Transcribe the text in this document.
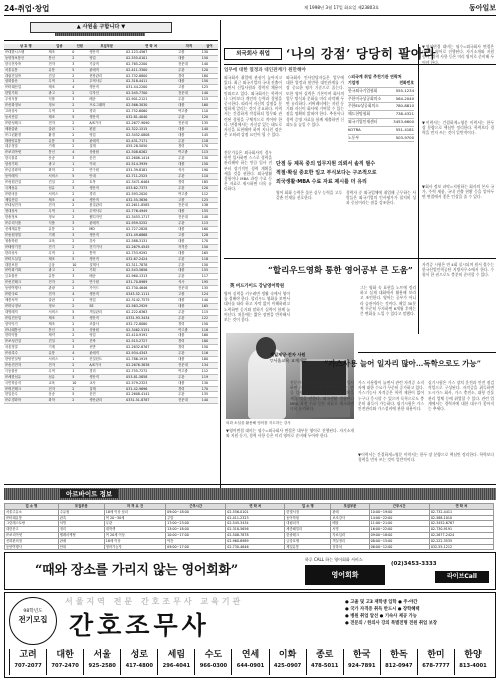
24-취업·창업	제 1998년 3월 17일 화요일 제23803호	동아일보
▲ 사원을 구합니다 ▼
상 호 명	업종	인원	모집부문	연 락 처	자격	급여
㈜대한시스템	제조	0	생산직	02-123-4567	고졸	130
동양정보통신	통신	2	영업	02-555-0101	대졸	150
한국전자㈜	전자	3	기술직	02-765-2200	전문대	140
서울유통	유통	5	판매직	02-411-3300	무관	120
대림건설㈜	건설	2	현장관리	02-732-8800	경력	180
삼화물산	무역	1	무역사무	02-318-4411	대졸	150
㈜미래산업	제조	4	생산직	031-44-2200	고졸	125
한빛기획	광고	2	디자인	02-545-7700	전문대	140
우성식품	식품	3	배송	02-901-2121	무관	115
㈜신화정보	정보	2	프로그래머	02-566-3030	대졸	160
고려상사	무역	1	경리	02-752-6060	여고졸	110
동서산업	제조	5	생산직	032-81-4040	무관	120
㈜한성테크	전자	2	A/S기사	02-2677-9090	전문대	135
세광출판	출판	1	편집	02-322-1515	대졸	140
㈜그린환경	환경	2	영업	02-3452-0808	대졸	145
태평양유통	유통	3	판매직	02-431-7171	무관	118
대우정밀	기계	2	설계	055-28-5050	경력	170
㈜코리아넷	통신	4	상담원	02-508-6262	여고졸	115
한국물류	운송	3	운전	02-2608-1414	무관	130
삼성기획	광고	1	카피	02-514-3939	대졸	150
㈜금강화학	화학	2	연구원	031-39-8181	석사	190
동아레저	서비스	5	안내	02-711-2525	무관	110
㈜성원건설	건설	2	토목	02-3471-6464	경력	185
국제섬유	섬유	3	생산직	053-62-7373	무관	120
㈜한마음	서비스	2	경리	02-593-2020	여고졸	112
제일산업	제조	4	생산직	032-55-3636	고졸	125
㈜대성전자	전자	2	품질관리	02-2611-8585	전문대	138
현대상사	무역	1	무역사무	02-776-4949	대졸	155
한솔정보	정보	2	웹디자인	02-3453-1717	전문대	140
㈜우리식품	식품	3	판매직	02-959-5252	무관	115
신세계유통	유통	2	MD	02-727-2828	대졸	160
㈜동원정밀	기계	3	생산직	031-49-6868	고졸	128
청솔학원	교육	2	강사	02-588-3131	대졸	170
㈜태양기전	전기	2	전기기사	02-2679-4545	자격증	150
한라상사	무역	1	통역	02-753-9292	대졸	165
㈜미도실업	제조	5	생산직	032-67-2424	무관	118
대한보험	금융	10	설계사	02-311-7878	무관	150
㈜이화기획	광고	1	기획	02-543-5656	대졸	155
금호물산	유통	3	배송	02-960-1313	무관	117
㈜선진테크	전자	2	연구원	031-70-8989	석사	195
동양여행사	관광	2	가이드	02-730-4646	전문대	135
㈜한국IC	전자	4	생산직	0343-52-1111	고졸	124
세종서적	출판	1	영업	02-3142-7575	대졸	140
㈜하나정보	정보	2	SE	02-563-2929	대졸	165
대명레저	서비스	5	객실관리	02-222-6363	무관	115
㈜일진산업	제조	3	생산직	0331-93-3434	무관	122
삼익악기	제조	2	조율사	032-72-8080	경력	150
㈜나래통신	통신	3	상담원	02-3462-5151	여고졸	118
한미약품	제약	2	영업	02-410-9191	대졸	160
㈜보성건설	건설	2	건축	02-515-2727	경력	180
서울정밀	기계	3	선반	02-2632-6767	경력	150
㈜상록수	유통	4	판매직	02-934-4343	무관	116
한양컨설팅	서비스	1	컨설턴트	02-786-1919	대졸	180
㈜동진전자	전자	2	A/S기사	02-2676-3838	전문대	134
극동물산	무역	1	경리	02-755-7272	여고졸	112
㈜새한섬유	섬유	5	생산직	053-81-5858	무관	119
국민학습지	교육	10	교사	02-579-2323	대졸	130
㈜영진테크	전자	2	설계	031-42-9696	경력	170
한일운수	운송	5	운전	02-2608-4141	무관	135
㈜수경화학	화학	2	생산관리	0331-51-8787	전문대	140
외국회사 취업	‘나의 강점’ 당당히 팔아라
업무에 대한 열정과 대인관계가 원만해야
외국회사 취업에 관심이 높아지고 있다. 최근 외국기업의 국내 진출이 늘면서 신입사원과 경력직 채용이 잇따르고 있다. 외국회사는 학력이나 나이보다 개인의 능력과 경험을 중시한다. 따라서 자신의 강점을 분명하게 알리는 것이 중요하다. 이력서는 간결하게 작성하되 업무와 관련된 경험을 구체적으로 적어야 한다. 면접에서는 자신감 있는 태도로 자신을 표현해야 하며 지나친 겸손은 오히려 감점 요인이 될 수 있다.
외국회사 인사담당자들은 업무에 대한 열정과 원만한 대인관계를 가장 중요한 평가 기준으로 꼽는다. 또한 영어 실력은 기본이며 회사의 업무 방식과 문화를 미리 파악해 두면 유리하다. 커버레터에는 지원 동기와 자신이 회사에 기여할 수 있는 점을 명확히 밝혀야 한다. 추천서나 경력 증명 자료를 함께 제출하면 신뢰도를 높일 수 있다.
◇외국계 취업 추천기관 연락처
기업명	전화번호
한국외국기업협회	555-1234
주한미국상공회의소	564-2040
주한EU상공회의소	780-8810
헤드헌팅협회	738-4321
외국기업인재센터	3453-6600
KOTRA	551-4181
노동부	503-9700
단점 등 제목 중의 업무지원 의뢰서 솔직 필수
적절·확실 중요한 일고 부식보다는 구조적으로
외국생활·MBA 수료 자료 제시를 더 유리
전문가들은 외국회사의 경우 한번 입사하면 스스로 경력을 관리해야 하는 만큼 입사 전부터 장기적인 경력 계획을 세울 것을 권한다. 외국생활 경험이나 MBA 과정 수료 등은 자료로 제시하면 더욱 유리하다.
영어 회화 능력은 물론 실무 능력을 고루 갖춘 인재를 선호한다.
경력자 중 외국업체에 취업해 근무하는 사람들은 외국기업의 인사평가가 철저히 성과 중심이라는 점을 강조한다.
▼영어면접 대비는 필수=외국회사 면접은 대부분 영어로 진행된다. 자기소개와 지원 동기, 경력 사항 등은 미리 영어로 준비해 두어야 한다.
▼이력서는 간결하게=영문 이력서는 한두 장 분량으로 핵심만 정리한다. 학력보다 경력을 먼저 쓰는 것이 일반적이다.
▼회사 정보 파악=지원하는 회사의 본사 국가, 주력 제품, 국내 진출 현황 등을 알아두면 면접에서 좋은 인상을 줄 수 있다.
“할리우드영화 통한 영어공부 큰 도움”
英 버드가이드 강남영어학원
영어 실력을 키우려면 생활 속에서 영어를 접해야 한다. 할리우드 영화를 보면서 대사를 따라 하고 자막 없이 이해하려고 노력하면 듣기와 말하기 실력이 함께 늘어난다. 처음에는 짧은 장면을 반복해서 보는 것이 좋다.
그는 영화 속 표현을 노트에 정리하고 실제 대화에서 활용해 보라고 조언한다. 영어는 공부가 아니라 습관이라는 것이다. 매일 30분씩 꾸준히 투자하면 6개월 후에는 큰 변화를 느낄 수 있다고 말했다.
자격증 시험은 연 4회 실시되며 원서 접수는 한국산업인력공단 지방사무소에서 한다. 수험서 한 권으로도 충분히 준비할 수 있다.
외화 소설을 활용해 영어를 지도하는 강사
제일제당·전자 사원
▽서울교육 교재개발	“가스사용 늘어 일자리 많아…독학으로도 가능”
가스 사용량이 늘면서 관련 자격증 소지자에 대한 수요가 꾸준히 증가하고 있다. 가스기능사 자격증은 학력 제한이 없어 누구나 응시할 수 있으며 독학으로도 충분히 취득이 가능하다. 필기시험은 가스 안전관리와 가스설비에 관한 내용이다.
실기시험은 가스 장치 운전과 안전 점검 작업으로 구성된다. 자격증을 취득하면 도시가스 회사, 가스 충전소, 대형 건물 관리 업체 등에 취업할 수 있다. 관련 업계에서는 경력자에 대한 대우가 좋아지는 추세다.
전문가들은 외국회사의 경우 한번 입사하면 스스로 경력을 관리해야 하는 만큼 입사 전부터 장기적인 경력 계획을 세울 것을 권한다. 외국생활 경험이나 MBA 과정 수료 등은 자료로 제시하면 더욱 유리하다.
▼영어면접 대비는 필수=외국회사 면접은 대부분 영어로 진행된다. 자기소개와 지원 동기, 경력 사항 등은 미리 영어로 준비해 두어야 한다.
▼이력서는 간결하게=영문 이력서는 한두 장 분량으로 핵심만 정리한다. 학력보다 경력을 먼저 쓰는 것이 일반적이다.
아르바이트 정보
업 소 명	모집부문	자 격 요 건	근무시간	연 락 처	업 소 명	모집부문	근무시간	연 락 처
서울주유소	주유원	18세 이상 남녀	09:00~18:00	02-556-0101	한빛서점	판매	10:00~19:00	02-732-4411
㈜미래유통	판촉	여 20~30세	주말	02-411-2323	동아학원	보조강사	14:00~22:00	02-588-1010
그린레스토랑	서빙	무관	17:00~23:00	02-545-3434	대림피자	배달	11:00~21:00	02-3452-6767
대한문고	정리	대학생	13:00~18:00	02-318-5656	세종패밀리	서빙	16:00~22:00	02-730-9191
㈜코리아넷	텔레마케팅	여 20세 이상	10:00~17:00	02-508-7878	한솔테크	자료입력	09:00~18:00	02-2677-2424
신화편의점	판매	18세 이상	야간	02-960-8989	금강호텔	객실정리	08:00~15:00	02-222-3535
동양여행사	안내	영어가능자	09:00~17:00	02-730-4646	제일유통	상하차	06:00~12:00	032-55-1212
“때와 장소를 가리지 않는 영어회화”
하루 CALL 하는 영어회화 서비스
영어회화
(02)3453-3333
라이브Call
98학년도
전기모집
서울지역 전문 간호조무사 교육기관
간호조무사
● 고졸 및 고3 재학생 입학 ● 주·야간
● 국가 자격증 취득 반드시 ● 장학혜택
● 병원 취업 알선 ● 기숙사 제공 가능
● 전문의 / 한의사 강의 특별전형 전원 취업 보장
고려
707-2077
대한
707-2470
서울
925-2580
성로
417-4800
세림
296-4041
수도
966-0300
연세
644-0901
이화
425-0907
종로
478-5011
한국
924-7891
한독
812-0947
한미
678-7777
한양
813-4001
